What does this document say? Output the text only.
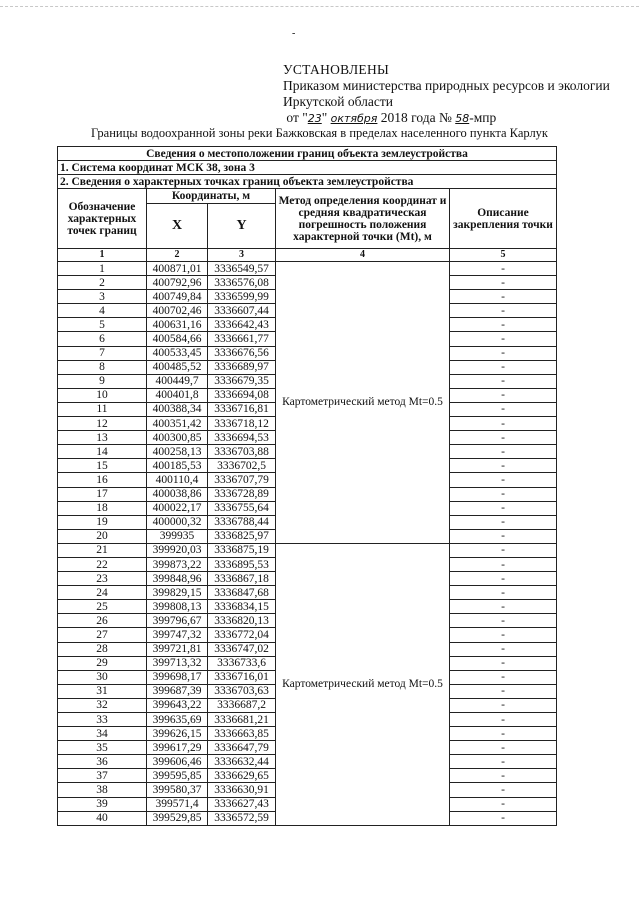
-
УСТАНОВЛЕНЫ
Приказом министерства природных ресурсов и экологии
Иркутской области
от "23" октября 2018 года № 58-мпр
Границы водоохранной зоны реки Бажковская в пределах населенного пункта Карлук
Сведения о местоположении границ объекта землеустройства				
1. Система координат МСК 38, зона 3				
2. Сведения о характерных точках границ объекта землеустройства				
Обозначение характерных точек границ	Координаты, м		Метод определения координат и средняя квадратическая погрешность положения характерной точки (Mt), м	Описание закрепления точки
	X	Y		
1	2	3	4	5
1	400871,01	3336549,57	Картометрический метод Mt=0.5	-
2	400792,96	3336576,08		-
3	400749,84	3336599,99		-
4	400702,46	3336607,44		-
5	400631,16	3336642,43		-
6	400584,66	3336661,77		-
7	400533,45	3336676,56		-
8	400485,52	3336689,97		-
9	400449,7	3336679,35		-
10	400401,8	3336694,08		-
11	400388,34	3336716,81		-
12	400351,42	3336718,12		-
13	400300,85	3336694,53		-
14	400258,13	3336703,88		-
15	400185,53	3336702,5		-
16	400110,4	3336707,79		-
17	400038,86	3336728,89		-
18	400022,17	3336755,64		-
19	400000,32	3336788,44		-
20	399935	3336825,97		-
21	399920,03	3336875,19	Картометрический метод Mt=0.5	-
22	399873,22	3336895,53		-
23	399848,96	3336867,18		-
24	399829,15	3336847,68		-
25	399808,13	3336834,15		-
26	399796,67	3336820,13		-
27	399747,32	3336772,04		-
28	399721,81	3336747,02		-
29	399713,32	3336733,6		-
30	399698,17	3336716,01		-
31	399687,39	3336703,63		-
32	399643,22	3336687,2		-
33	399635,69	3336681,21		-
34	399626,15	3336663,85		-
35	399617,29	3336647,79		-
36	399606,46	3336632,44		-
37	399595,85	3336629,65		-
38	399580,37	3336630,91		-
39	399571,4	3336627,43		-
40	399529,85	3336572,59		-
